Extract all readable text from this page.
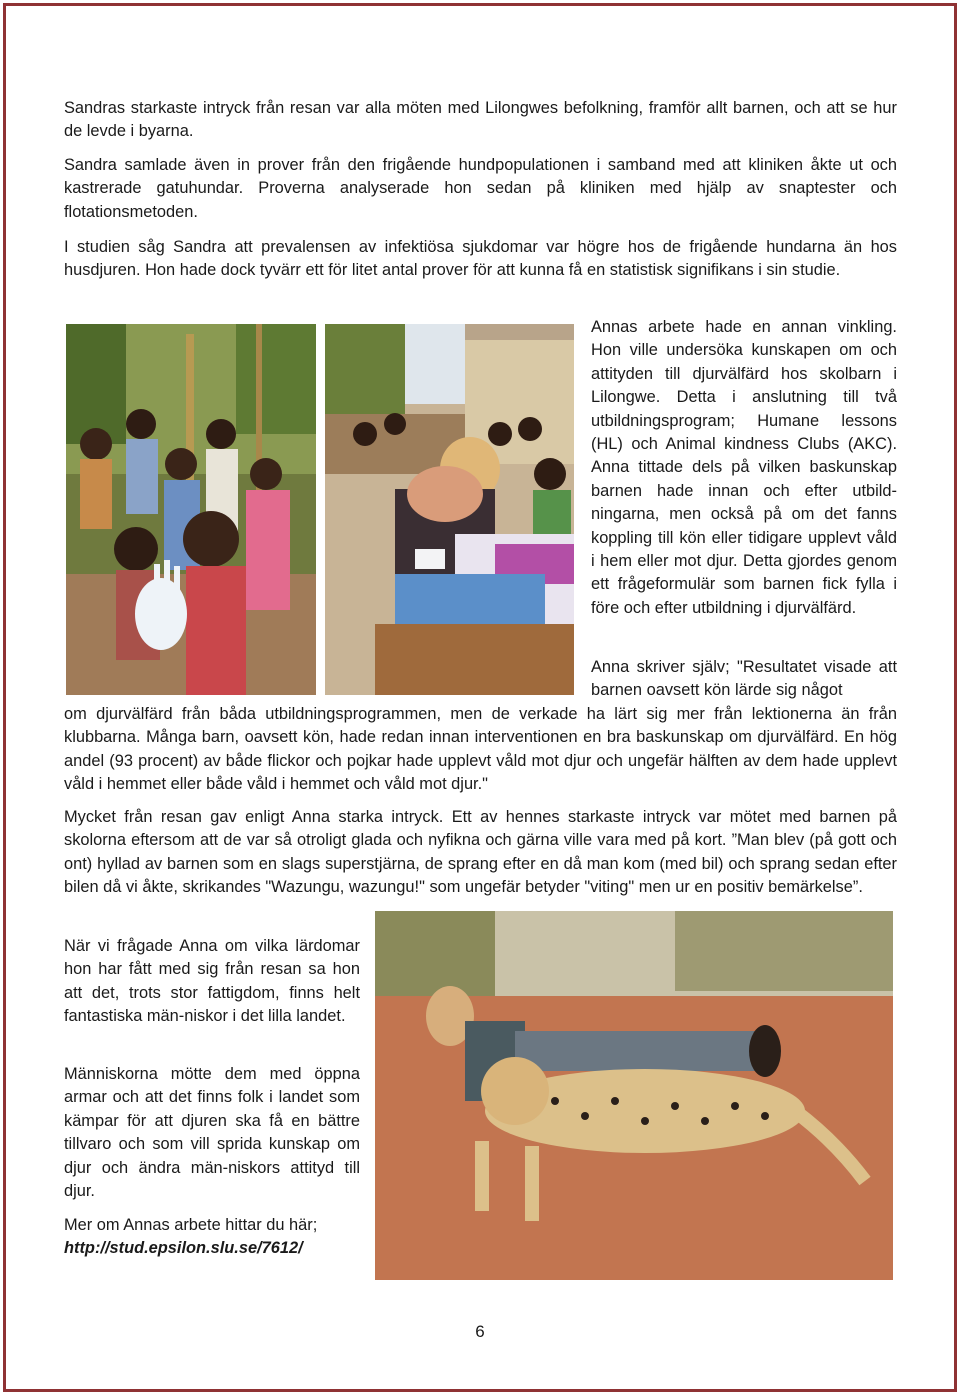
Sandras starkaste intryck från resan var alla möten med Lilongwes befolkning, framför allt barnen, och att se hur de levde i byarna.

Sandra samlade även in prover från den frigående hundpopulationen i samband med att kliniken åkte ut och kastrerade gatuhundar. Proverna analyserade hon sedan på kliniken med hjälp av snaptester och flotationsmetoden.

I studien såg Sandra att prevalensen av infektiösa sjukdomar var högre hos de frigående hundarna än hos husdjuren. Hon hade dock tyvärr ett för litet antal prover för att kunna få en statistisk signifikans i sin studie.

Annas arbete hade en annan vinkling. Hon ville undersöka kunskapen om och attityden till djurvälfärd hos skolbarn i Lilongwe. Detta i anslutning till två utbildningsprogram; Humane lessons (HL) och Animal kindness Clubs (AKC). Anna tittade dels på vilken baskunskap barnen hade innan och efter utbild-ningarna, men också på om det fanns koppling till kön eller tidigare upplevt våld i hem eller mot djur. Detta gjordes genom ett frågeformulär som barnen fick fylla i före och efter utbildning i djurvälfärd.

Anna skriver själv; "Resultatet visade att barnen oavsett kön lärde sig något

om djurvälfärd från båda utbildningsprogrammen, men de verkade ha lärt sig mer från lektionerna än från klubbarna. Många barn, oavsett kön, hade redan innan interventionen en bra baskunskap om djurvälfärd. En hög andel (93 procent) av både flickor och pojkar hade upplevt våld mot djur och ungefär hälften av dem hade upplevt våld i hemmet eller både våld i hemmet och våld mot djur."

Mycket från resan gav enligt Anna starka intryck. Ett av hennes starkaste intryck var mötet med barnen på skolorna eftersom att de var så otroligt glada och nyfikna och gärna ville vara med på kort. ”Man blev (på gott och ont) hyllad av barnen som en slags superstjärna, de sprang efter en då man kom (med bil) och sprang sedan efter bilen då vi åkte, skrikandes "Wazungu, wazungu!" som ungefär betyder "viting" men ur en positiv bemärkelse”.

När vi frågade Anna om vilka lärdomar hon har fått med sig från resan sa hon att det, trots stor fattigdom, finns helt fantastiska män-niskor i det lilla landet.

Människorna mötte dem med öppna armar och att det finns folk i landet som kämpar för att djuren ska få en bättre tillvaro och som vill sprida kunskap om djur och ändra män-niskors attityd till djur.

Mer om Annas arbete hittar du här;
http://stud.epsilon.slu.se/7612/

6
